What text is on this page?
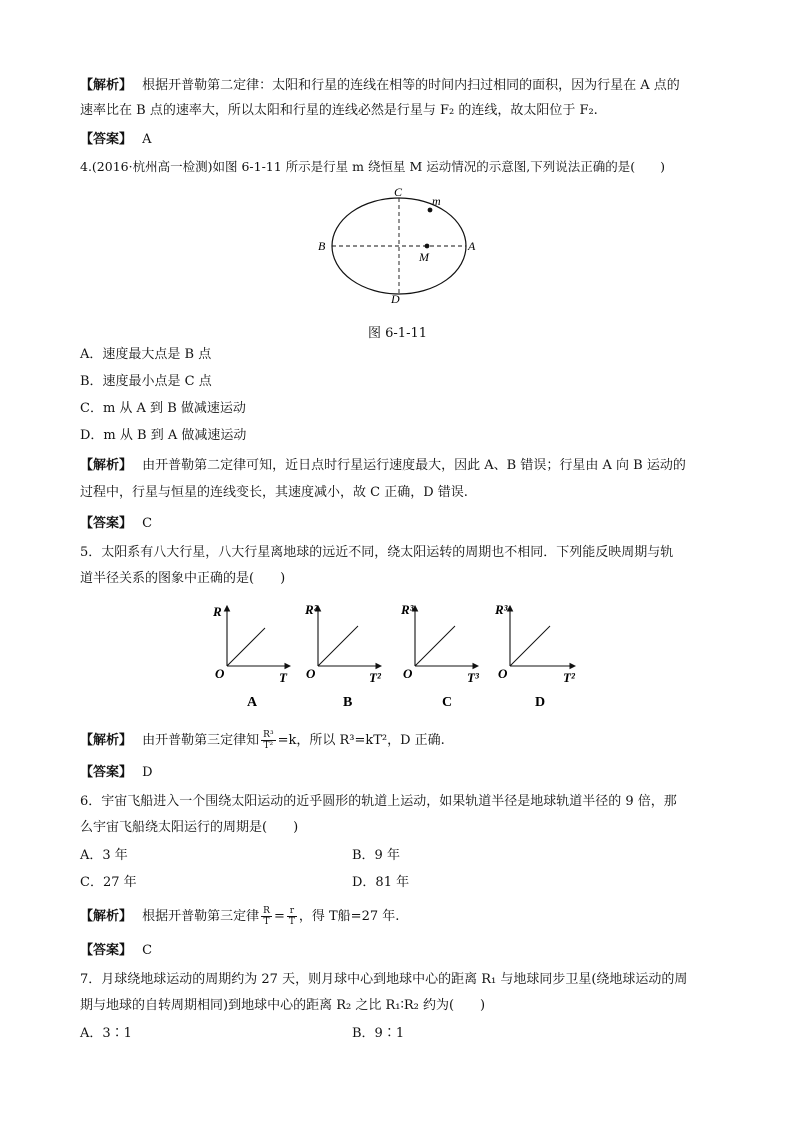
【解析】 根据开普勒第二定律：太阳和行星的连线在相等的时间内扫过相同的面积，因为行星在 A 点的
速率比在 B 点的速率大，所以太阳和行星的连线必然是行星与 F₂ 的连线，故太阳位于 F₂.
【答案】 A
4.(2016·杭州高一检测)如图 6-1-11 所示是行星 m 绕恒星 M 运动情况的示意图,下列说法正确的是(　　)
C
m
B	A
M
D
图 6-1-11
A．速度最大点是 B 点
B．速度最小点是 C 点
C．m 从 A 到 B 做减速运动
D．m 从 B 到 A 做减速运动
【解析】 由开普勒第二定律可知，近日点时行星运行速度最大，因此 A、B 错误；行星由 A 向 B 运动的
过程中，行星与恒星的连线变长，其速度减小，故 C 正确，D 错误.
【答案】 C
5．太阳系有八大行星，八大行星离地球的远近不同，绕太阳运转的周期也不相同．下列能反映周期与轨
道半径关系的图象中正确的是(　　)
R
T
O
A
R²
T²
O
B
R³
T³
O
C
R³
T²
O
D
【解析】 由开普勒第三定律知 $\frac{\text{R³}}{\text{T²}} =k$，所以 R³=kT²，D 正确.
【答案】 D
6．宇宙飞船进入一个围绕太阳运动的近乎圆形的轨道上运动，如果轨道半径是地球轨道半径的 9 倍，那
么宇宙飞船绕太阳运行的周期是(　　)
A．3 年	B．9 年
C．27 年	D．81 年
【解析】 根据开普勒第三定律 $\frac{R}{T} = \frac{r}{T}$ ，得 T船=27 年.
【答案】 C
7．月球绕地球运动的周期约为 27 天，则月球中心到地球中心的距离 R₁ 与地球同步卫星(绕地球运动的周
期与地球的自转周期相同)到地球中心的距离 R₂ 之比 R₁∶R₂ 约为(　　)
A．3∶1	B．9∶1
